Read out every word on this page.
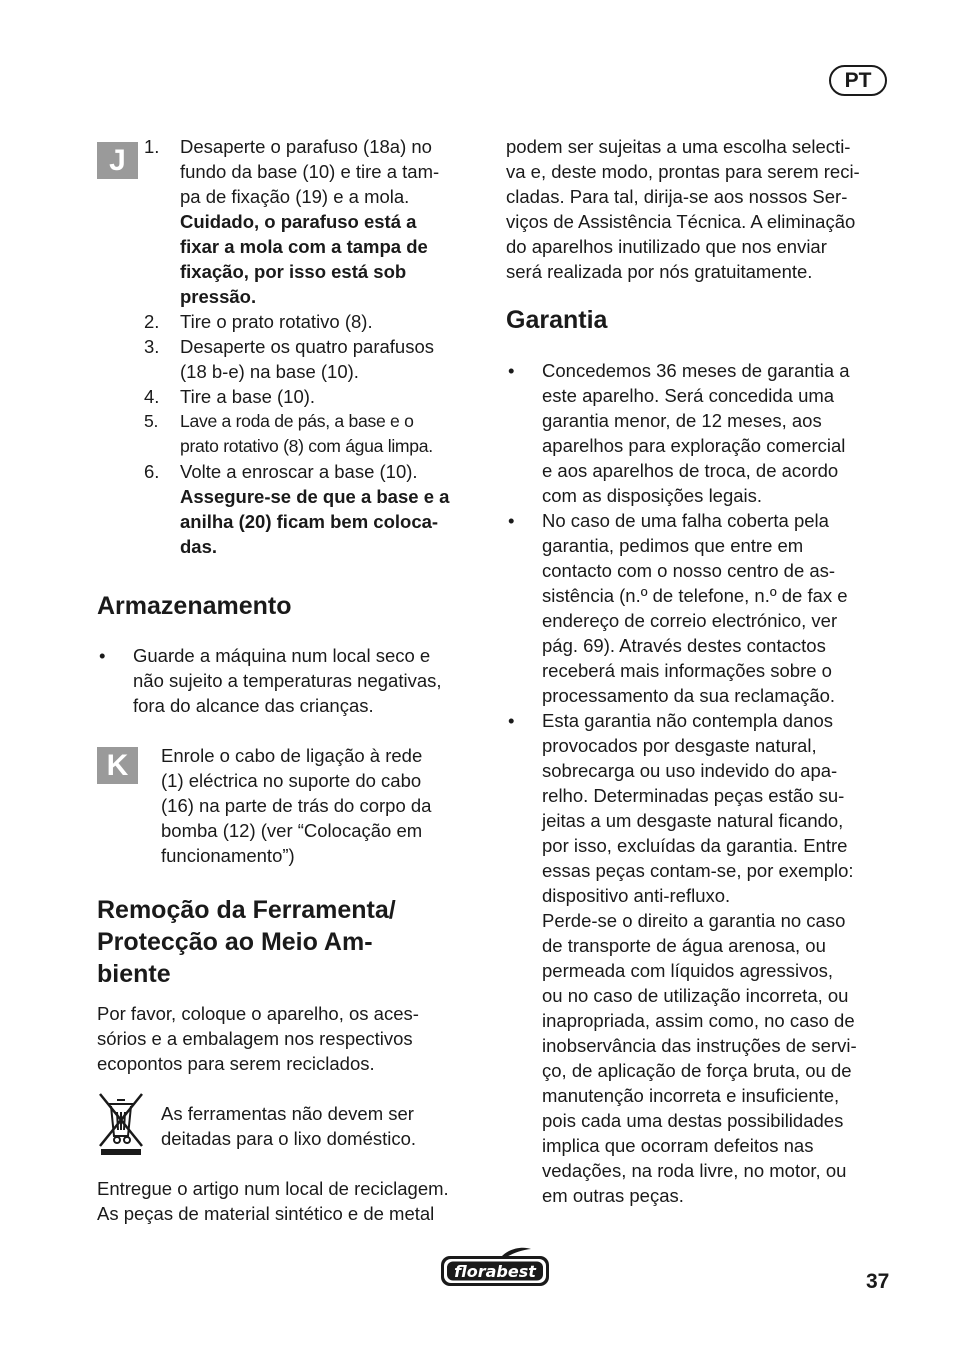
PT
J 1. Desaperte o parafuso (18a) no
fundo da base (10) e tire a tam-
pa de fixação (19) e a mola.
Cuidado, o parafuso está a
fixar a mola com a tampa de
fixação, por isso está sob
pressão.
2. Tire o prato rotativo (8).
3. Desaperte os quatro parafusos
(18 b-e) na base (10).
4. Tire a base (10).
5. Lave a roda de pás, a base e o
prato rotativo (8) com água limpa.
6. Volte a enroscar a base (10).
Assegure-se de que a base e a
anilha (20) ficam bem coloca-
das.
Armazenamento
• Guarde a máquina num local seco e
não sujeito a temperaturas negativas,
fora do alcance das crianças.
K	Enrole o cabo de ligação à rede
(1) eléctrica no suporte do cabo
(16) na parte de trás do corpo da
bomba (12) (ver “Colocação em
funcionamento”)
Remoção da Ferramenta/
Protecção ao Meio Am-
biente
Por favor, coloque o aparelho, os aces-
sórios e a embalagem nos respectivos
ecopontos para serem reciclados.
As ferramentas não devem ser
deitadas para o lixo doméstico.
Entregue o artigo num local de reciclagem.
As peças de material sintético e de metal
podem ser sujeitas a uma escolha selecti-
va e, deste modo, prontas para serem reci-
cladas. Para tal, dirija-se aos nossos Ser-
viços de Assistência Técnica. A eliminação
do aparelhos inutilizado que nos enviar
será realizada por nós gratuitamente.
Garantia
• Concedemos 36 meses de garantia a
este aparelho. Será concedida uma
garantia menor, de 12 meses, aos
aparelhos para exploração comercial
e aos aparelhos de troca, de acordo
com as disposições legais.
• No caso de uma falha coberta pela
garantia, pedimos que entre em
contacto com o nosso centro de as-
sistência (n.º de telefone, n.º de fax e
endereço de correio electrónico, ver
pág. 69). Através destes contactos
receberá mais informações sobre o
processamento da sua reclamação.
• Esta garantia não contempla danos
provocados por desgaste natural,
sobrecarga ou uso indevido do apa-
relho. Determinadas peças estão su-
jeitas a um desgaste natural ficando,
por isso, excluídas da garantia. Entre
essas peças contam-se, por exemplo:
dispositivo anti-refluxo.
Perde-se o direito a garantia no caso
de transporte de água arenosa, ou
permeada com líquidos agressivos,
ou no caso de utilização incorreta, ou
inapropriada, assim como, no caso de
inobservância das instruções de servi-
ço, de aplicação de força bruta, ou de
manutenção incorreta e insuficiente,
pois cada uma destas possibilidades
implica que ocorram defeitos nas
vedações, na roda livre, no motor, ou
em outras peças.
florabest	37
